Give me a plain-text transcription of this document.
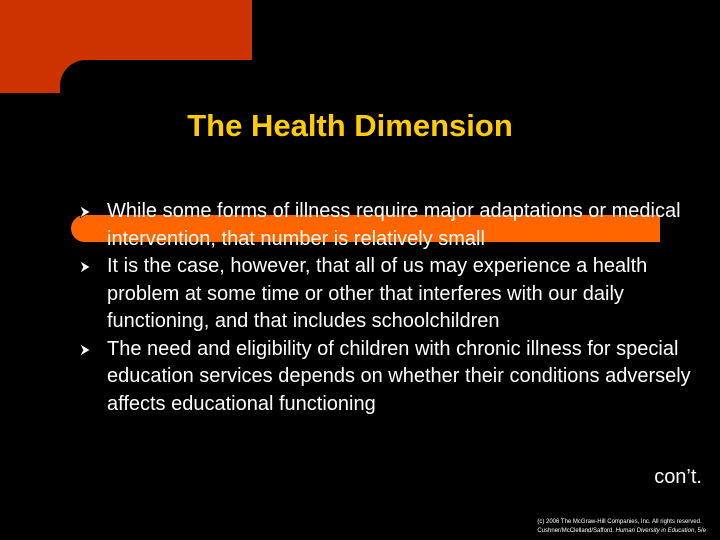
The Health Dimension
While some forms of illness require major adaptations or medical intervention, that number is relatively small
It is the case, however, that all of us may experience a health problem at some time or other that interferes with our daily functioning, and that includes schoolchildren
The need and eligibility of children with chronic illness for special education services depends on whether their conditions adversely affects educational functioning
con’t.
(c) 2006 The McGraw-Hill Companies, Inc. All rights reserved.
Cushner/McClelland/Safford. Human Diversity in Education, 5/e
